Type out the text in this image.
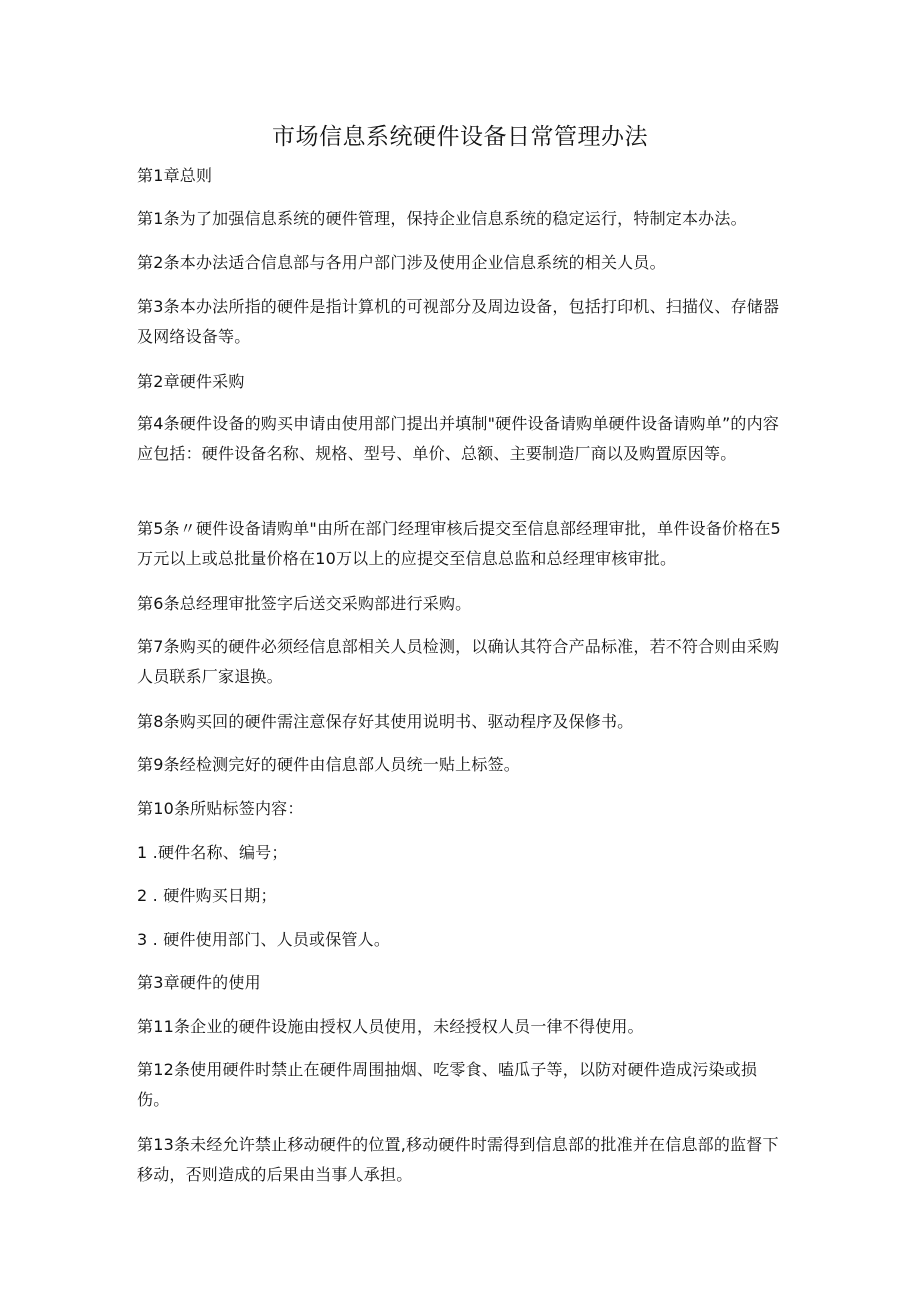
市场信息系统硬件设备日常管理办法
第1章总则
第1条为了加强信息系统的硬件管理，保持企业信息系统的稳定运行，特制定本办法。
第2条本办法适合信息部与各用户部门涉及使用企业信息系统的相关人员。
第3条本办法所指的硬件是指计算机的可视部分及周边设备，包括打印机、扫描仪、存储器及网络设备等。
第2章硬件采购
第4条硬件设备的购买申请由使用部门提出并填制"硬件设备请购单硬件设备请购单”的内容应包括：硬件设备名称、规格、型号、单价、总额、主要制造厂商以及购置原因等。
第5条〃硬件设备请购单"由所在部门经理审核后提交至信息部经理审批，单件设备价格在5万元以上或总批量价格在10万以上的应提交至信息总监和总经理审核审批。
第6条总经理审批签字后送交采购部进行采购。
第7条购买的硬件必须经信息部相关人员检测，以确认其符合产品标准，若不符合则由采购人员联系厂家退换。
第8条购买回的硬件需注意保存好其使用说明书、驱动程序及保修书。
第9条经检测完好的硬件由信息部人员统一贴上标签。
第10条所贴标签内容：
1 .硬件名称、编号；
2 . 硬件购买日期；
3 . 硬件使用部门、人员或保管人。
第3章硬件的使用
第11条企业的硬件设施由授权人员使用，未经授权人员一律不得使用。
第12条使用硬件时禁止在硬件周围抽烟、吃零食、嗑瓜子等，以防对硬件造成污染或损伤。
第13条未经允许禁止移动硬件的位置,移动硬件时需得到信息部的批准并在信息部的监督下移动，否则造成的后果由当事人承担。
